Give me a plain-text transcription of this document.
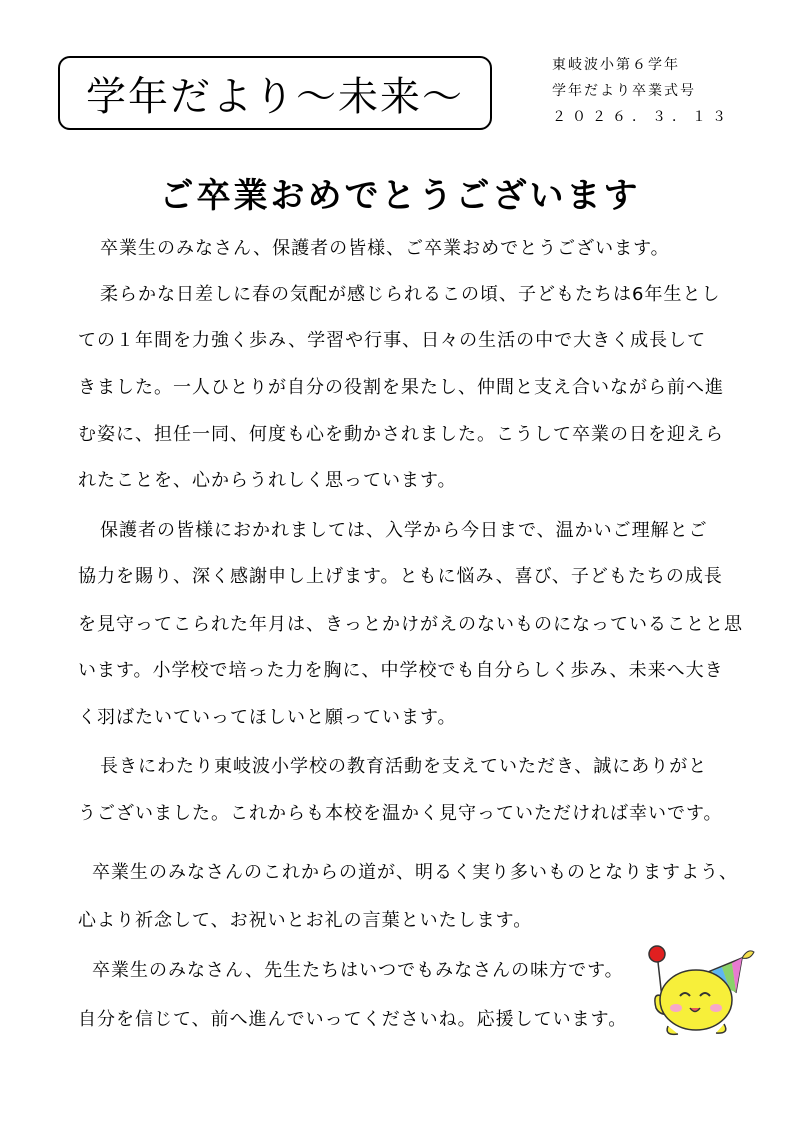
学年だより～未来～
東岐波小第６学年
学年だより卒業式号
２０２６．３．１３
ご卒業おめでとうございます
卒業生のみなさん、保護者の皆様、ご卒業おめでとうございます。
柔らかな日差しに春の気配が感じられるこの頃、子どもたちは6年生とし
ての１年間を力強く歩み、学習や行事、日々の生活の中で大きく成長して
きました。一人ひとりが自分の役割を果たし、仲間と支え合いながら前へ進
む姿に、担任一同、何度も心を動かされました。こうして卒業の日を迎えら
れたことを、心からうれしく思っています。
保護者の皆様におかれましては、入学から今日まで、温かいご理解とご
協力を賜り、深く感謝申し上げます。ともに悩み、喜び、子どもたちの成長
を見守ってこられた年月は、きっとかけがえのないものになっていることと思
います。小学校で培った力を胸に、中学校でも自分らしく歩み、未来へ大き
く羽ばたいていってほしいと願っています。
長きにわたり東岐波小学校の教育活動を支えていただき、誠にありがと
うございました。これからも本校を温かく見守っていただければ幸いです。
卒業生のみなさんのこれからの道が、明るく実り多いものとなりますよう、
心より祈念して、お祝いとお礼の言葉といたします。
卒業生のみなさん、先生たちはいつでもみなさんの味方です。
自分を信じて、前へ進んでいってくださいね。応援しています。
